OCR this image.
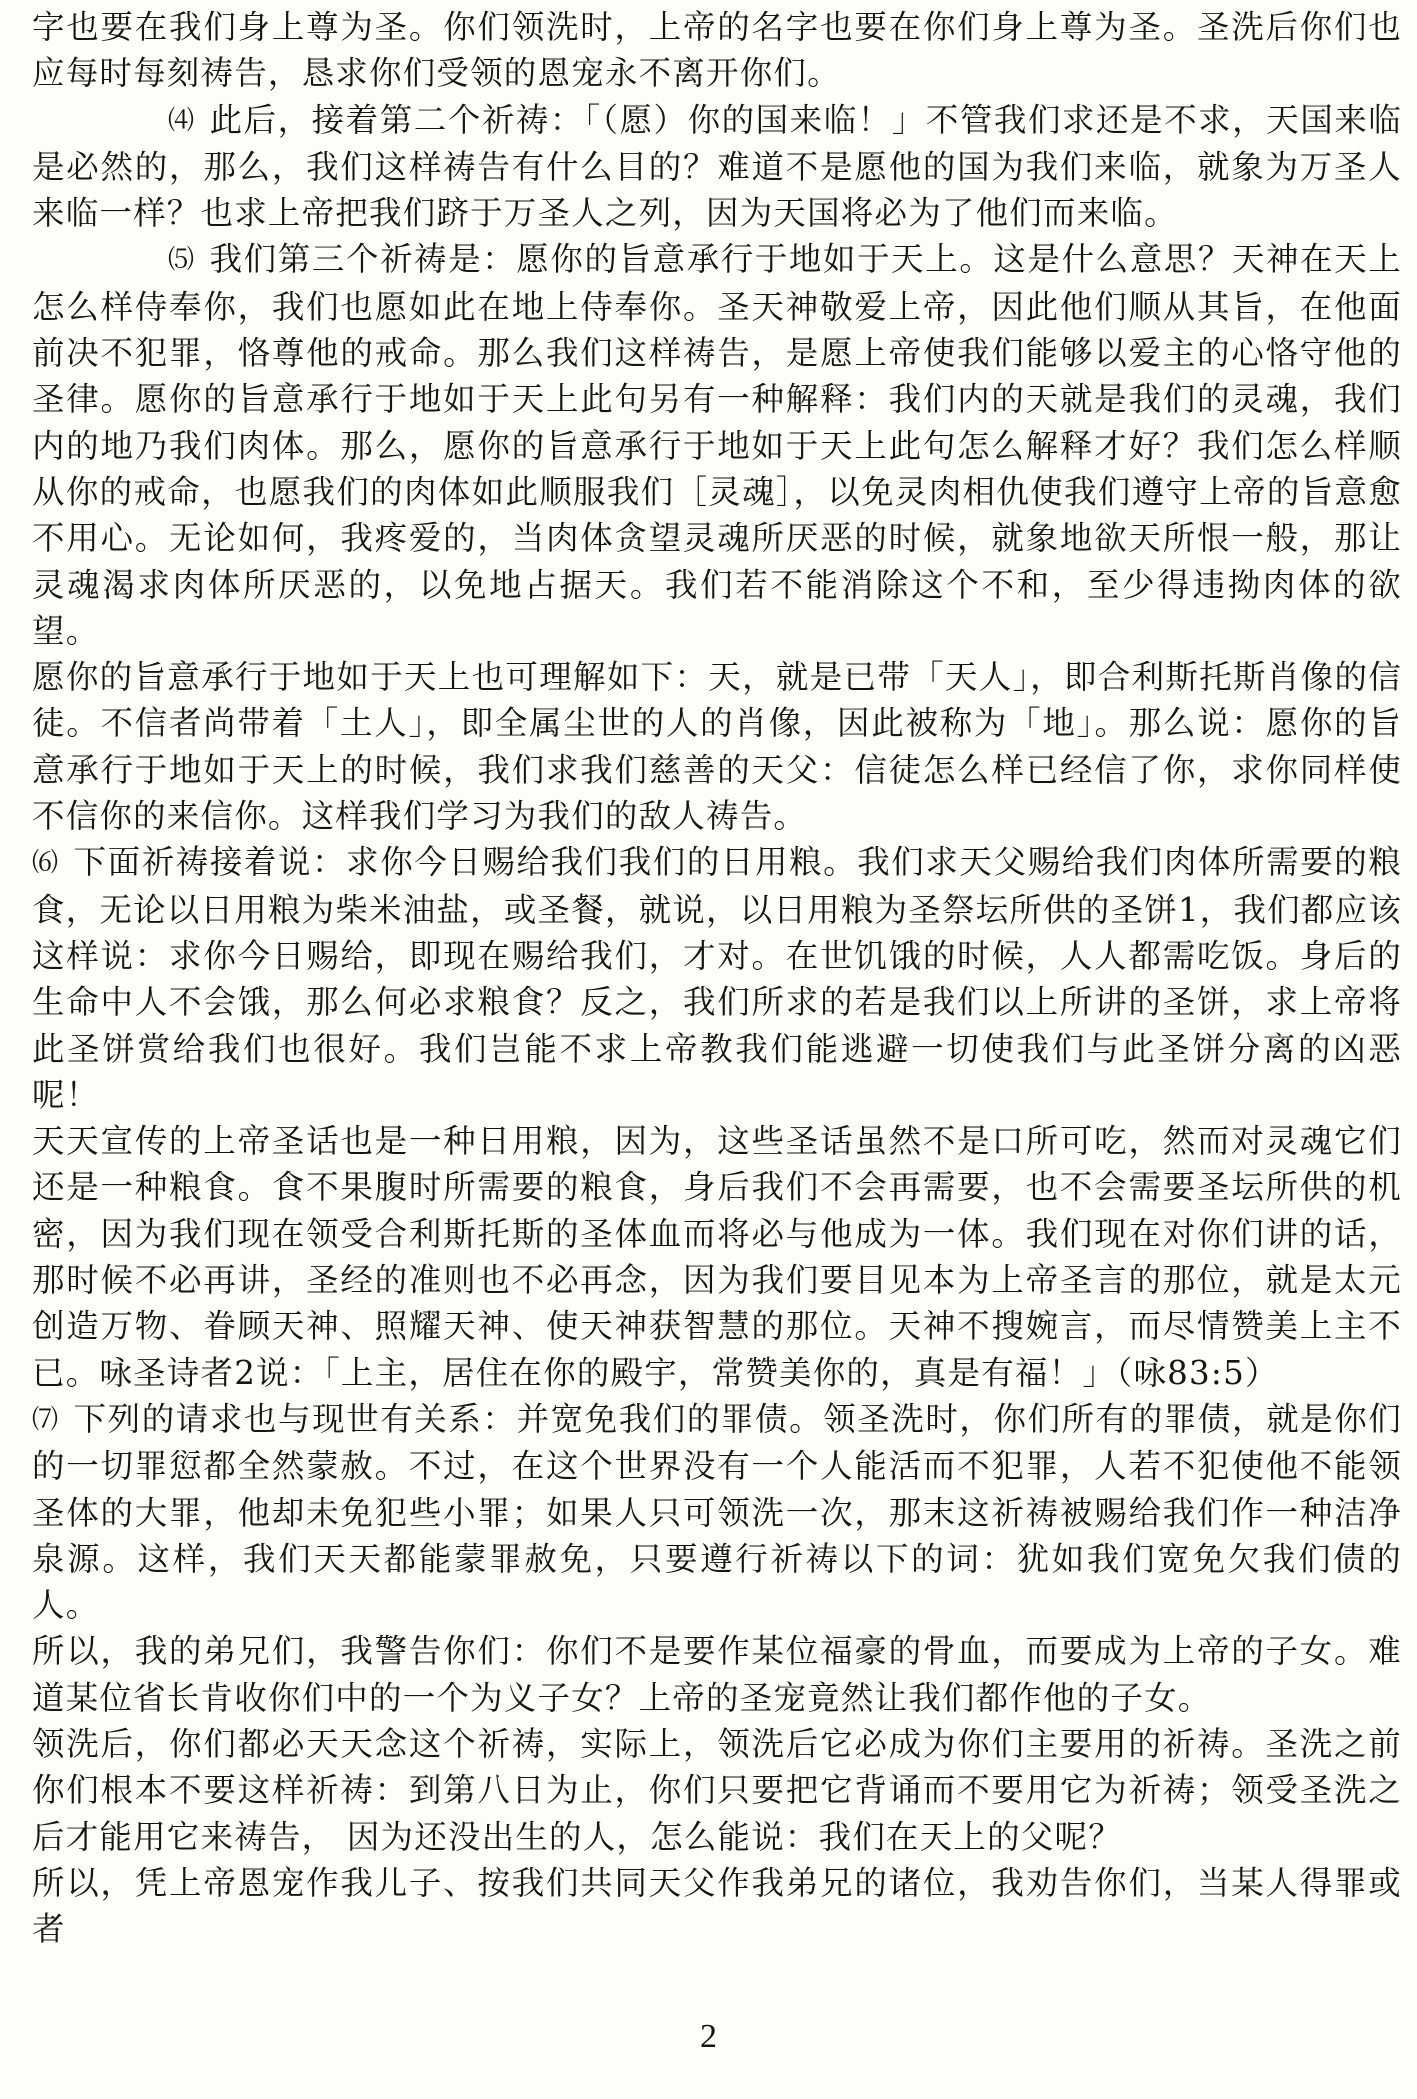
字也要在我们身上尊为圣。你们领洗时，上帝的名字也要在你们身上尊为圣。圣洗后你们也应每时每刻祷告，恳求你们受领的恩宠永不离开你们。

⑷ 此后，接着第二个祈祷：「（愿）你的国来临！」不管我们求还是不求，天国来临是必然的，那么，我们这样祷告有什么目的？难道不是愿他的国为我们来临，就象为万圣人来临一样？也求上帝把我们跻于万圣人之列，因为天国将必为了他们而来临。

⑸ 我们第三个祈祷是：愿你的旨意承行于地如于天上。这是什么意思？天神在天上怎么样侍奉你，我们也愿如此在地上侍奉你。圣天神敬爱上帝，因此他们顺从其旨，在他面前决不犯罪，恪尊他的戒命。那么我们这样祷告，是愿上帝使我们能够以爱主的心恪守他的圣律。愿你的旨意承行于地如于天上此句另有一种解释：我们内的天就是我们的灵魂，我们内的地乃我们肉体。那么，愿你的旨意承行于地如于天上此句怎么解释才好？我们怎么样顺从你的戒命，也愿我们的肉体如此顺服我们［灵魂］，以免灵肉相仇使我们遵守上帝的旨意愈不用心。无论如何，我疼爱的，当肉体贪望灵魂所厌恶的时候，就象地欲天所恨一般，那让灵魂渴求肉体所厌恶的，以免地占据天。我们若不能消除这个不和，至少得违拗肉体的欲望。

愿你的旨意承行于地如于天上也可理解如下：天，就是已带「天人」，即合利斯托斯肖像的信徒。不信者尚带着「土人」，即全属尘世的人的肖像，因此被称为「地」。那么说：愿你的旨意承行于地如于天上的时候，我们求我们慈善的天父：信徒怎么样已经信了你，求你同样使不信你的来信你。这样我们学习为我们的敌人祷告。

⑹ 下面祈祷接着说：求你今日赐给我们我们的日用粮。我们求天父赐给我们肉体所需要的粮食，无论以日用粮为柴米油盐，或圣餐，就说，以日用粮为圣祭坛所供的圣饼1，我们都应该这样说：求你今日赐给，即现在赐给我们，才对。在世饥饿的时候，人人都需吃饭。身后的生命中人不会饿，那么何必求粮食？反之，我们所求的若是我们以上所讲的圣饼，求上帝将此圣饼赏给我们也很好。我们岂能不求上帝教我们能逃避一切使我们与此圣饼分离的凶恶呢！

天天宣传的上帝圣话也是一种日用粮，因为，这些圣话虽然不是口所可吃，然而对灵魂它们还是一种粮食。食不果腹时所需要的粮食，身后我们不会再需要，也不会需要圣坛所供的机密，因为我们现在领受合利斯托斯的圣体血而将必与他成为一体。我们现在对你们讲的话，那时候不必再讲，圣经的准则也不必再念，因为我们要目见本为上帝圣言的那位，就是太元创造万物、眷顾天神、照耀天神、使天神获智慧的那位。天神不搜婉言，而尽情赞美上主不已。咏圣诗者2说：「上主，居住在你的殿宇，常赞美你的，真是有福！」（咏83:5）

⑺ 下列的请求也与现世有关系：并宽免我们的罪债。领圣洗时，你们所有的罪债，就是你们的一切罪愆都全然蒙赦。不过，在这个世界没有一个人能活而不犯罪，人若不犯使他不能领圣体的大罪，他却未免犯些小罪；如果人只可领洗一次，那末这祈祷被赐给我们作一种洁净泉源。这样，我们天天都能蒙罪赦免，只要遵行祈祷以下的词：犹如我们宽免欠我们债的人。

所以，我的弟兄们，我警告你们：你们不是要作某位福豪的骨血，而要成为上帝的子女。难道某位省长肯收你们中的一个为义子女？上帝的圣宠竟然让我们都作他的子女。

领洗后，你们都必天天念这个祈祷，实际上，领洗后它必成为你们主要用的祈祷。圣洗之前你们根本不要这样祈祷：到第八日为止，你们只要把它背诵而不要用它为祈祷；领受圣洗之后才能用它来祷告， 因为还没出生的人，怎么能说：我们在天上的父呢？

所以，凭上帝恩宠作我儿子、按我们共同天父作我弟兄的诸位，我劝告你们，当某人得罪或者

2
